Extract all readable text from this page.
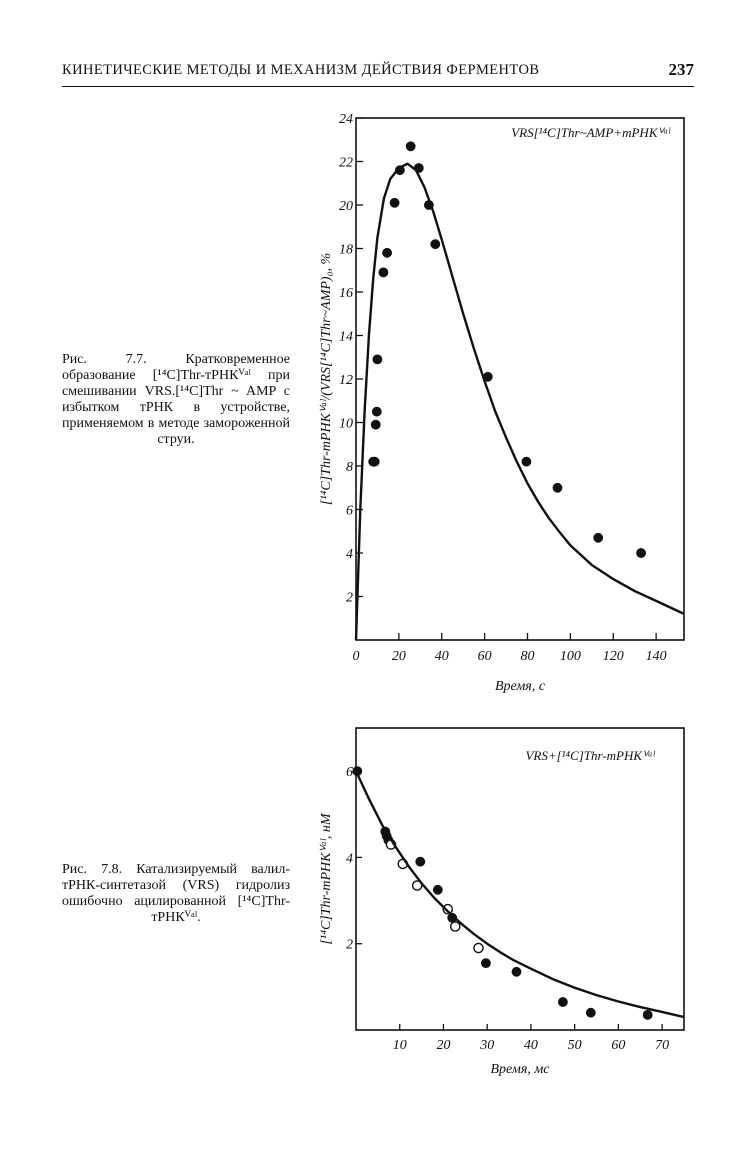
КИНЕТИЧЕСКИЕ МЕТОДЫ И МЕХАНИЗМ ДЕЙСТВИЯ ФЕРМЕНТОВ	237

Рис. 7.7. Кратковременное образование [¹⁴C]Thr-тРНКⱽᵃˡ при смешивании VRS.[¹⁴C]Thr ~ AMP с избытком тРНК в устройстве, применяемом в методе замороженной струи.

Рис. 7.8. Катализируемый валил-тРНК-синтетазой (VRS) гидролиз ошибочно ацилированной [¹⁴C]Thr-тРНКⱽᵃˡ.

0 20 40 60 80 100 120 140
2
4
6
8
10
12
14
16
18
20
22
24
VRS[¹⁴C]Thr~AMP+тРНКⱽᵃˡ
Время, с
[¹⁴C]Thr-тРНКⱽᵃˡ/(VRS[¹⁴C]Thr~AMP)₀, %
10 20 30 40 50 60 70
2
4
6
VRS+[¹⁴C]Thr-тРНКⱽᵃˡ
Время, мс
[¹⁴C]Thr-тРНКⱽᵃˡ, нМ
